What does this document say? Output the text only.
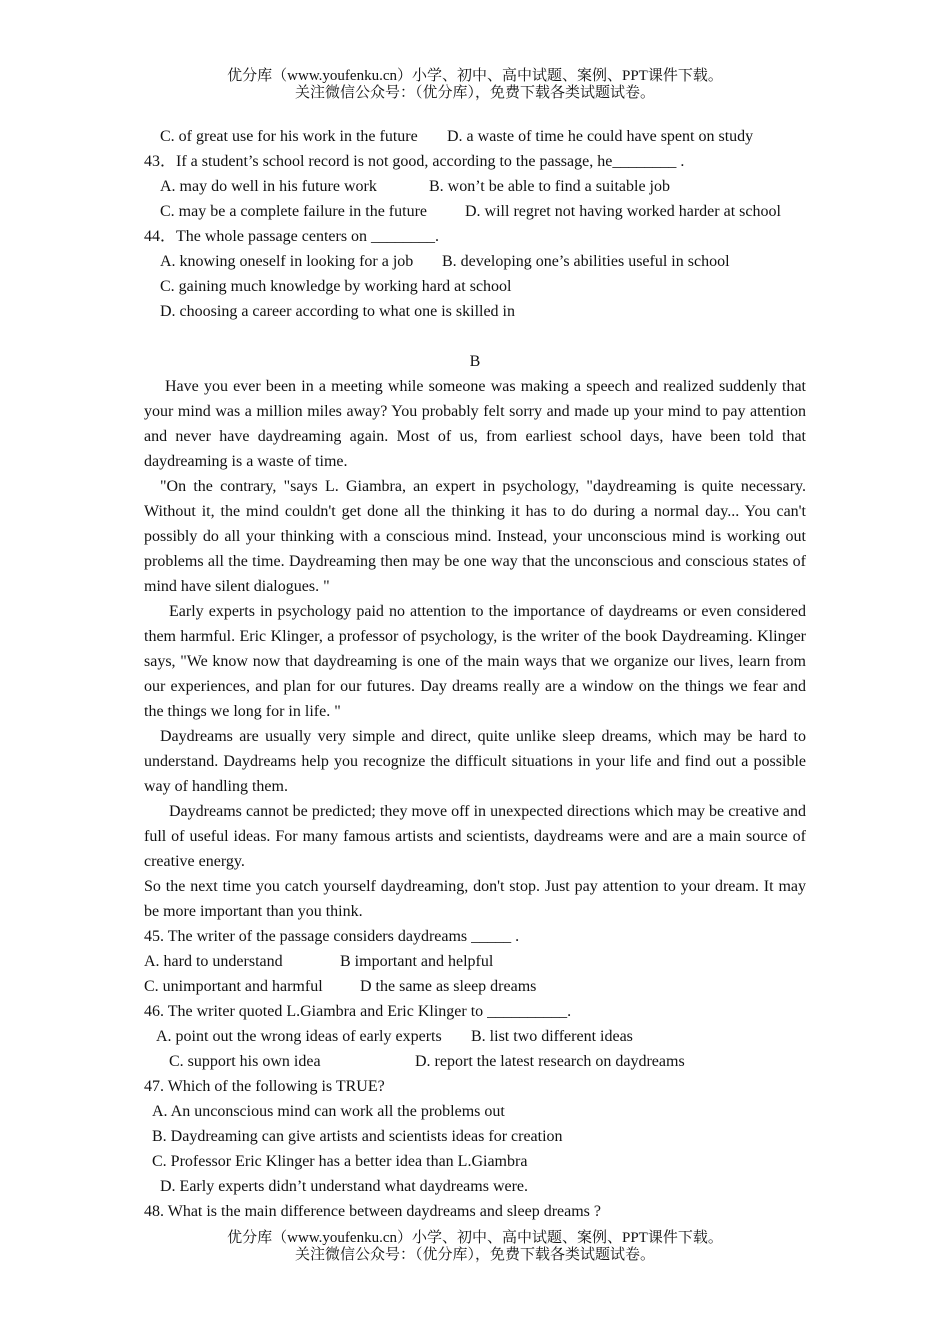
优分库（www.youfenku.cn）小学、初中、高中试题、案例、PPT课件下载。
关注微信公众号：（优分库），免费下载各类试题试卷。
C. of great use for his work in the future D. a waste of time he could have spent on study
43．If a student’s school record is not good, according to the passage, he________ .
A. may do well in his future work	B. won’t be able to find a suitable job
C. may be a complete failure in the future D. will regret not having worked harder at school
44．The whole passage centers on ________.
A. knowing oneself in looking for a job B. developing one’s abilities useful in school
C. gaining much knowledge by working hard at school
D. choosing a career according to what one is skilled in
B
Have you ever been in a meeting while someone was making a speech and realized suddenly that your mind was a million miles away? You probably felt sorry and made up your mind to pay attention and never have daydreaming again. Most of us, from earliest school days, have been told that daydreaming is a waste of time.
"On the contrary, "says L. Giambra, an expert in psychology, "daydreaming is quite necessary. Without it, the mind couldn't get done all the thinking it has to do during a normal day... You can't possibly do all your thinking with a conscious mind. Instead, your unconscious mind is working out problems all the time. Daydreaming then may be one way that the unconscious and conscious states of mind have silent dialogues. "
Early experts in psychology paid no attention to the importance of daydreams or even considered them harmful. Eric Klinger, a professor of psychology, is the writer of the book Daydreaming. Klinger says, "We know now that daydreaming is one of the main ways that we organize our lives, learn from our experiences, and plan for our futures. Day dreams really are a window on the things we fear and the things we long for in life. "
Daydreams are usually very simple and direct, quite unlike sleep dreams, which may be hard to understand. Daydreams help you recognize the difficult situations in your life and find out a possible way of handling them.
Daydreams cannot be predicted; they move off in unexpected directions which may be creative and full of useful ideas. For many famous artists and scientists, daydreams were and are a main source of creative energy.
So the next time you catch yourself daydreaming, don't stop. Just pay attention to your dream. It may be more important than you think.
45. The writer of the passage considers daydreams _____ .
A. hard to understand	B important and helpful
C. unimportant and harmful D the same as sleep dreams
46. The writer quoted L.Giambra and Eric Klinger to __________.
A. point out the wrong ideas of early experts B. list two different ideas
C. support his own idea	D. report the latest research on daydreams
47. Which of the following is TRUE?
A. An unconscious mind can work all the problems out
B. Daydreaming can give artists and scientists ideas for creation
C. Professor Eric Klinger has a better idea than L.Giambra
D. Early experts didn’t understand what daydreams were.
48. What is the main difference between daydreams and sleep dreams ?
优分库（www.youfenku.cn）小学、初中、高中试题、案例、PPT课件下载。
关注微信公众号：（优分库），免费下载各类试题试卷。
